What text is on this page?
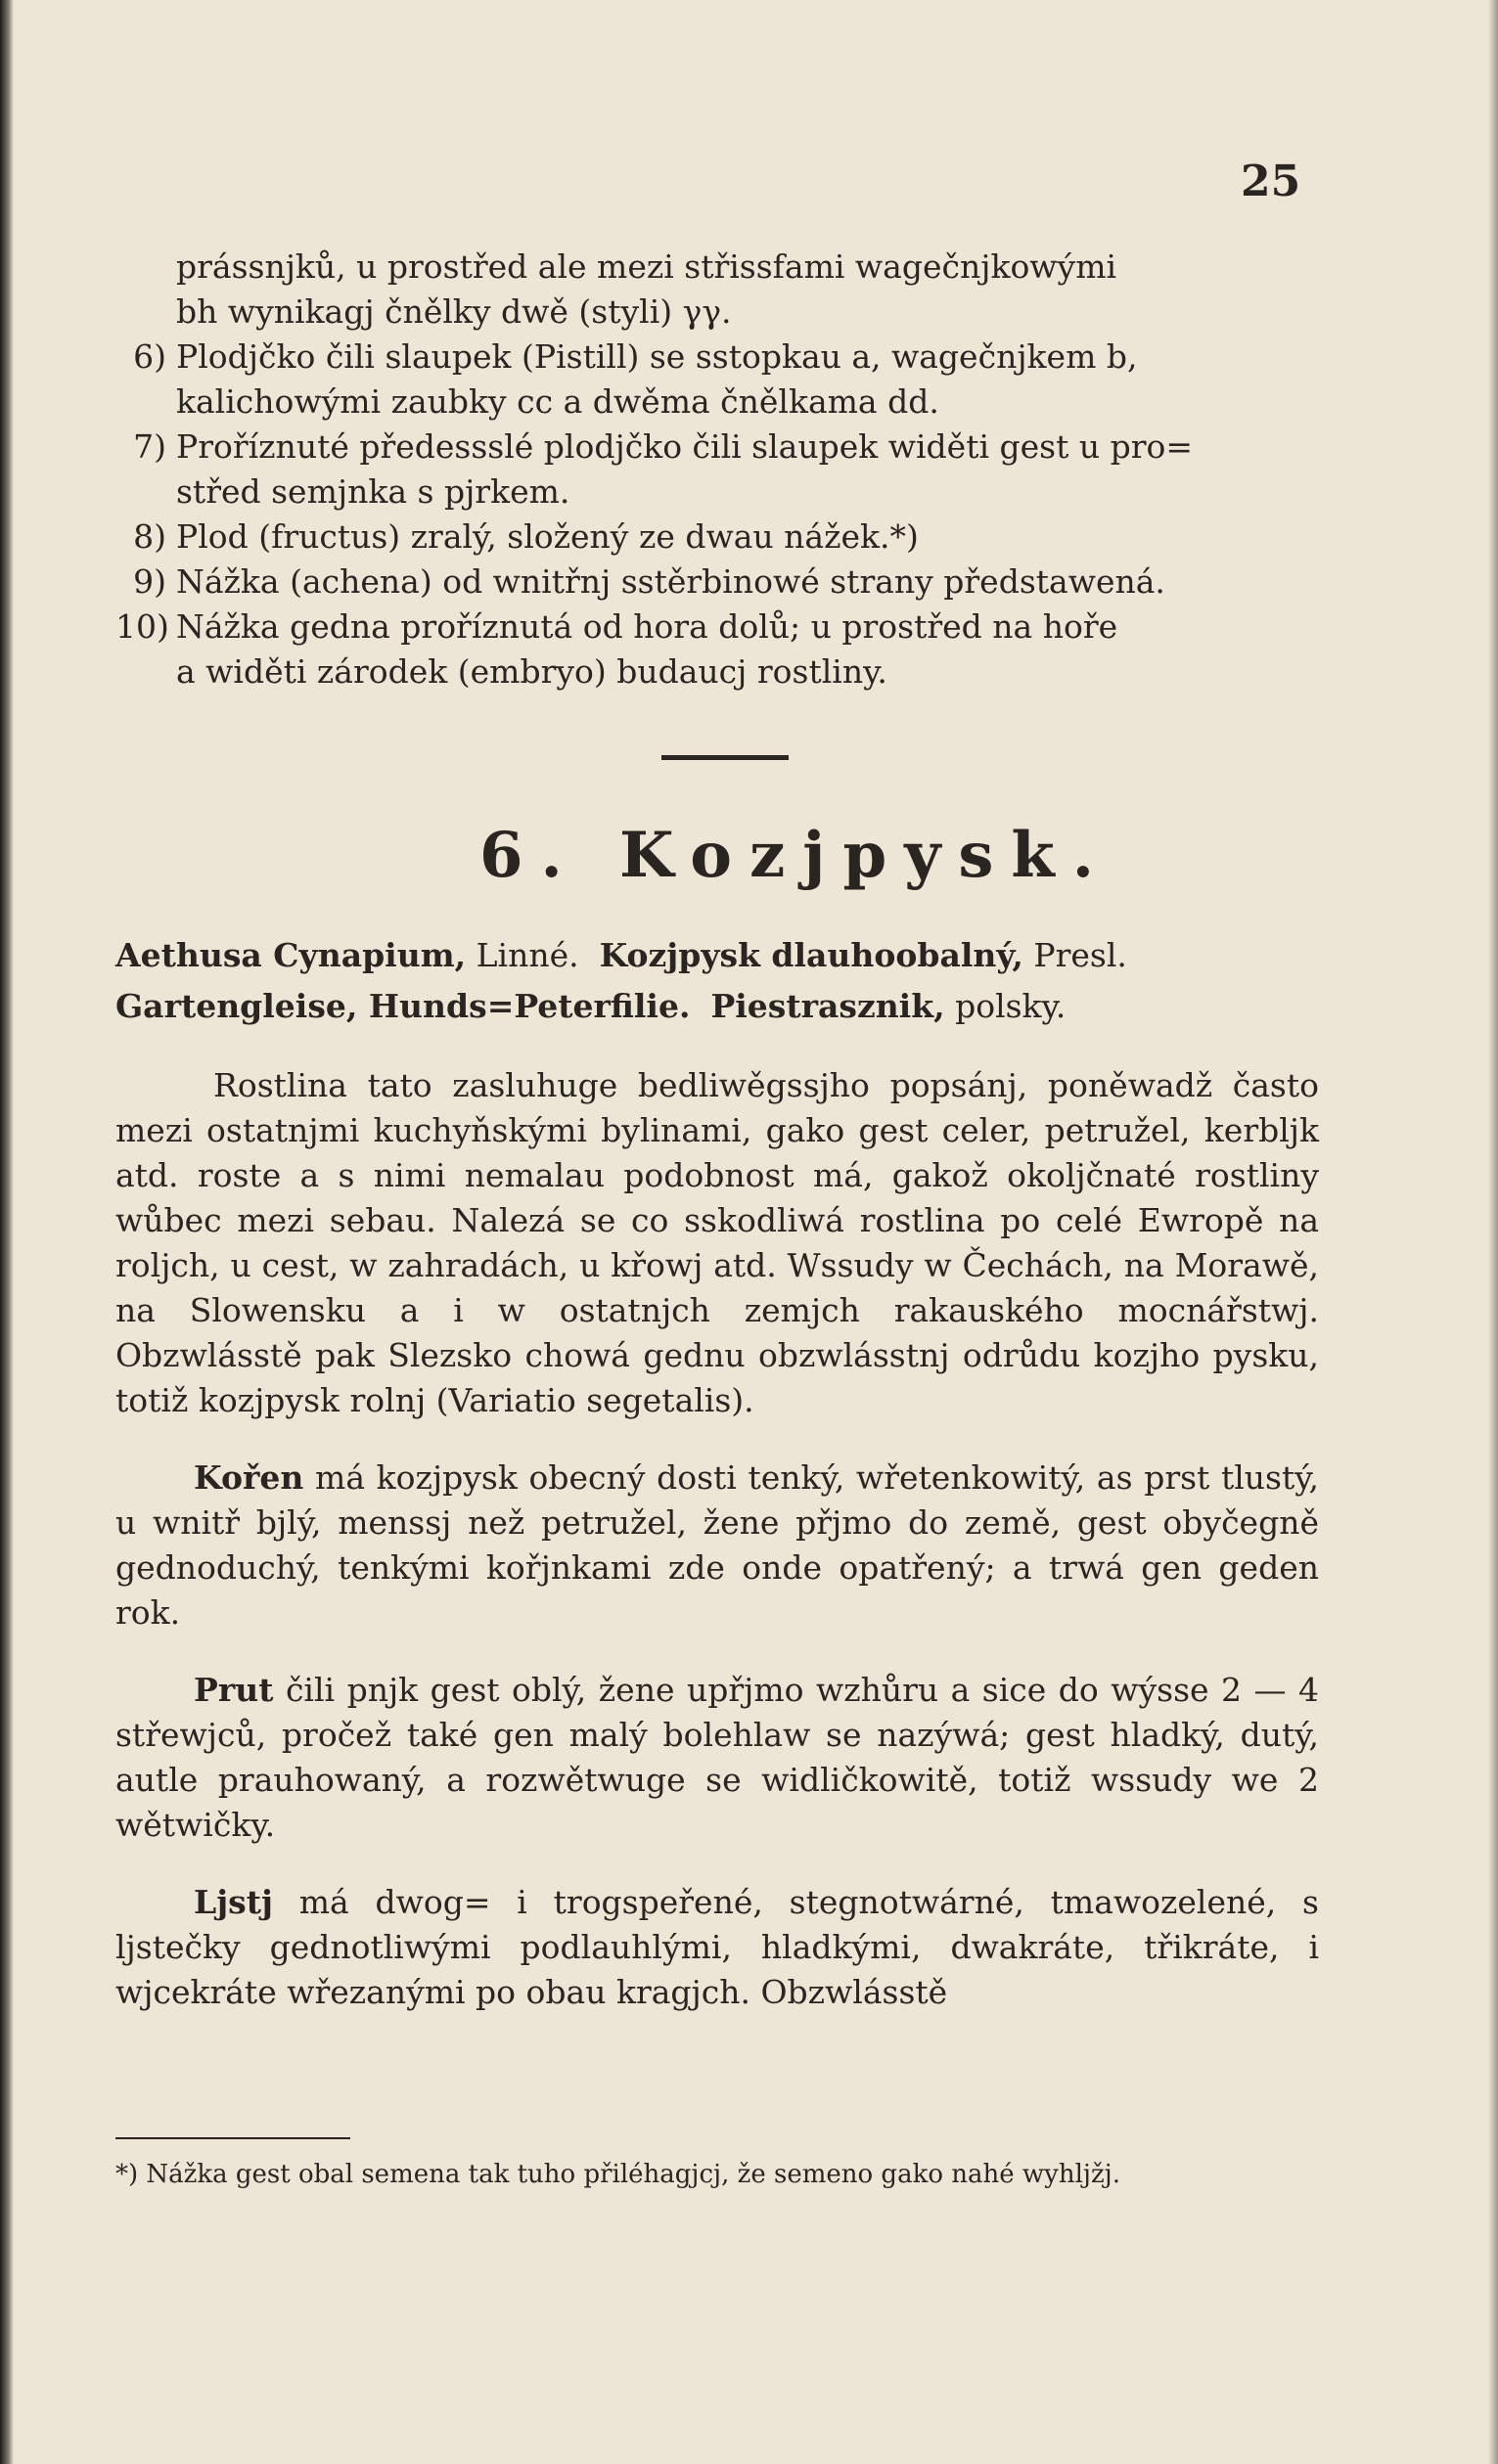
25

prássnjků, u prostřed ale mezi střissfami wagečnjkowými

bh wynikagj čnělky dwě (styli) γγ.

6) Plodjčko čili slaupek (Pistill) se sstopkau a, wagečnjkem b,

kalichowými zaubky cc a dwěma čnělkama dd.

7) Proříznuté předessslé plodjčko čili slaupek widěti gest u pro=

střed semjnka s pjrkem.

8) Plod (fructus) zralý, složený ze dwau nážek.*)

9) Nážka (achena) od wnitřnj sstěrbinowé strany předstawená.

10) Nážka gedna proříznutá od hora dolů; u prostřed na hoře

a widěti zárodek (embryo) budaucj rostliny.

6. Kozjpysk.
Aethusa Cynapium, Linné. Kozjpysk dlauhoobalný, Presl.
Gartengleise, Hunds=Peterfilie. Piestrasznik, polsky.

Rostlina tato zasluhuge bedliwěgssjho popsánj, poněwadž často mezi ostatnjmi kuchyňskými bylinami, gako gest celer, petružel, kerblјk atd. roste a s nimi nemalau podobnost má, gakož okoljčnaté rostliny wůbec mezi sebau. Nalezá se co sskodliwá rostlina po celé Ewropě na roljch, u cest, w zahradách, u křowj atd. Wssudy w Čechách, na Morawě, na Slowensku a i w ostatnjch zemjch rakauského mocnářstwj. Obzwlásstě pak Slezsko chowá gednu obzwlásstnj odrůdu kozjho pysku, totiž kozjpysk rolnj (Variatio segetalis).

Kořen má kozjpysk obecný dosti tenký, wřetenkowitý, as prst tlustý, u wnitř bjlý, menssj než petružel, žene přjmo do země, gest obyčegně gednoduchý, tenkými kořjnkami zde onde opatřený; a trwá gen geden rok.

Prut čili pnjk gest oblý, žene upřjmo wzhůru a sice do wýsse 2 — 4 střewjců, pročež také gen malý bolehlaw se nazýwá; gest hladký, dutý, autle prauhowaný, a rozwětwuge se widličkowitě, totiž wssudy we 2 wětwičky.

Ljstj má dwog= i trogspeřené, stegnotwárné, tmawozelené, s ljstečky gednotliwými podlauhlými, hladkými, dwakráte, třikráte, i wjcekráte wřezanými po obau kragjch. Obzwlásstě

*) Nážka gest obal semena tak tuho přiléhagjcj, že semeno gako nahé wyhljžj.
